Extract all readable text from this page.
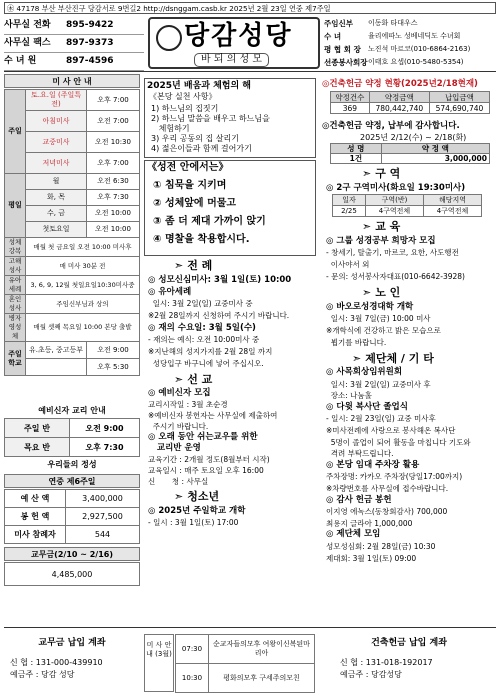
㊍ 47178 부산 부산진구 당감서로 9번길2 http://dsnggam.casb.kr 2025년 2월 23일 연중 제7주일
사무실 전화	895-9422
사무실 팩스	897-9373
수 녀 원	897-4596
당감성당
바 되 의 성 모
주임신부	이동화 타대우스
수 녀	율리에따노 성베네딕도 수녀회
평 협 회 장	노진석 마르코(010-6864-2163)
선종봉사회장 이태호 요셉(010-5480-5354)
미 사 안 내
주일	토.요.일 (주일특전)	오후 7:00
	아침미사	오전 7:00
	교중미사	오전 10:30
	저녁미사	오후 7:00
평일	월	오전 6:30
	화, 목	오후 7:30
	수, 금	오전 10:00
	첫토요일	오전 10:00
성체강복	매월 첫 금요일 오전 10:00 미사후	
고해성사	매 미사 30분 전	
유아세례	3, 6, 9, 12월 첫일요일10:30미사중	
혼인성사	주임신부님과 상의	
병자영성체	매월 셋째 목요일 10:00 본당 출발	
주일학교	유.초등, 중고등부	오전 9:00
		오후 5:30
예비신자 교리 안내
주일 반	오전 9:00
목요 반	오후 7:30
우리들의 정성
연중 제6주일
예 산 액	3,400,000
봉 헌 액	2,927,500
미사 참례자	544
교무금(2/10 ~ 2/16)
4,485,000
2025년 배움과 체험의 해
《본당 실천 사항》
1) 하느님의 집짓기
2) 하느님 말씀을 배우고 하느님을
체험하기
3) 우리 공동의 집 살리기
4) 젊은이들과 함께 걸어가기
《성전 안에서는》
① 침묵을 지키며
② 성체앞에 머물고
③ 좀 더 제대 가까이 앉기
④ 명찰을 착용합시다.
➣ 전 례
◎ 성모신심미사: 3월 1일(토) 10:00
◎ 유아세례
일시: 3월 2일(일) 교중미사 중
※2월 28일까지 신청하여 주시기 바랍니다.
◎ 재의 수요일: 3월 5일(수)
- 재의는 예식: 오전 10:00미사 중
※지난해의 성지가지를 2월 28일 까지
성당입구 바구니에 넣어 주십시오.
➣ 선 교
◎ 예비신자 모집
교리시작일 : 3월 초순경
※예비신자 봉헌자는 사무실에 제출하여
주시기 바랍니다.
◎ 오래 동안 쉬는교우를 위한
교리반 운영
교육기간 : 2개월 정도(8월부터 시작)
교육일시 : 매주 토요일 오후 16:00
신       청 : 사무실
➣ 청소년
◎ 2025년 주일학교 개학
- 일시 : 3월 1일(토) 17:00
◎건축헌금 약정 현황(2025년2/18현재)
약정건수	약정금액	납입금액
369	780,442,740	574,690,740
◎건축헌금 약정, 납부에 감사합니다.
2025년 2/12(수) ~ 2/18(화)
성 명	약 정 액
1건	3,000,000
➣ 구 역
◎ 2구 구역미사(화요일 19:30미사)
일자	구역(반)	해당지역
2/25	4구역전체	4구역전체
➣ 교 육
◎ 그룹 성경공부 희망자 모집
- 창세기, 탈출기, 마르코, 요한, 사도행전
이사야서 외
- 문의: 성서봉사자대표(010-6642-3928)
➣ 노 인
◎ 바오로성경대학 개학
일시: 3월 7일(금) 10:00 미사
※개학식에 건강하고 밝은 모습으로
뵙기를 바랍니다.
➣ 제단체 / 기 타
◎ 사목회상임위원회
일시: 3월 2일(일) 교중미사 후
장소: 나눔홀
◎ 다윗 복사단 졸업식
- 일시: 2월 23일(일) 교중 미사후
※미사전례에 사랑으로 봉사해온 복사단
5명이 졸업이 되어 활동을 마칩니다 기도와
격려 부탁드립니다.
◎ 본당 임대 주차장 활용
주차장명: 카카오 주차장(당일17:00까지)
※차량번호를 사무실에 접수바랍니다.
◎ 감사 헌금 봉헌
이지영 에녹스(동창회감사) 700,000
최용지 글라아 1,000,000
◎ 제단체 모임
성모성심회: 2월 28일(금) 10:30
제대회: 3월 1일(토) 09:00
교무금 납입 계좌
신 협 : 131-000-439910
예금주 : 당감 성당
미 사 안 내 (3월)
07:30	순교자들의모후 여왕이신복된마리아
10:30	평화의모후 구세주의모친
건축헌금 납입 계좌
신 협 : 131-018-192017
예금주 : 당감성당
